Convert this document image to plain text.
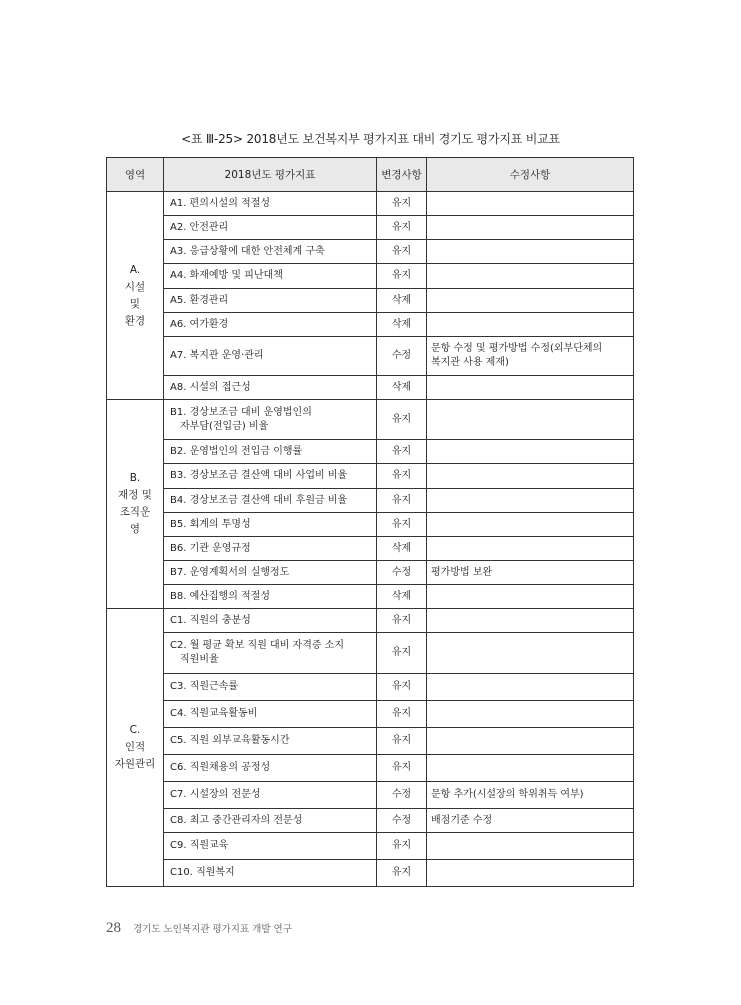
<표 Ⅲ-25> 2018년도 보건복지부 평가지표 대비 경기도 평가지표 비교표
영역	2018년도 평가지표	변경사항	수정사항

A.
시설
및
환경	A1. 편의시설의 적절성	유지	

	A2. 안전관리	유지	

	A3. 응급상황에 대한 안전체계 구축	유지	

	A4. 화재예방 및 피난대책	유지	

	A5. 환경관리	삭제	

	A6. 여가환경	삭제	

	A7. 복지관 운영·관리	수정	문항 수정 및 평가방법 수정(외부단체의
복지관 사용 제재)

	A8. 시설의 접근성	삭제	

B.
재정 및
조직운
영	B1. 경상보조금 대비 운영법인의
자부담(전입금) 비율	유지	

	B2. 운영법인의 전입금 이행률	유지	

	B3. 경상보조금 결산액 대비 사업비 비율	유지	

	B4. 경상보조금 결산액 대비 후원금 비율	유지	

	B5. 회계의 투명성	유지	

	B6. 기관 운영규정	삭제	

	B7. 운영계획서의 실행정도	수정	평가방법 보완

	B8. 예산집행의 적절성	삭제	

C.
인적
자원관리	C1. 직원의 충분성	유지	

	C2. 월 평균 확보 직원 대비 자격증 소지
직원비율	유지	

	C3. 직원근속률	유지	

	C4. 직원교육활동비	유지	

	C5. 직원 외부교육활동시간	유지	

	C6. 직원채용의 공정성	유지	

	C7. 시설장의 전문성	수정	문항 추가(시설장의 학위취득 여부)

	C8. 최고 중간관리자의 전문성	수정	배점기준 수정

	C9. 직원교육	유지	

	C10. 직원복지	유지	
28 경기도 노인복지관 평가지표 개발 연구
